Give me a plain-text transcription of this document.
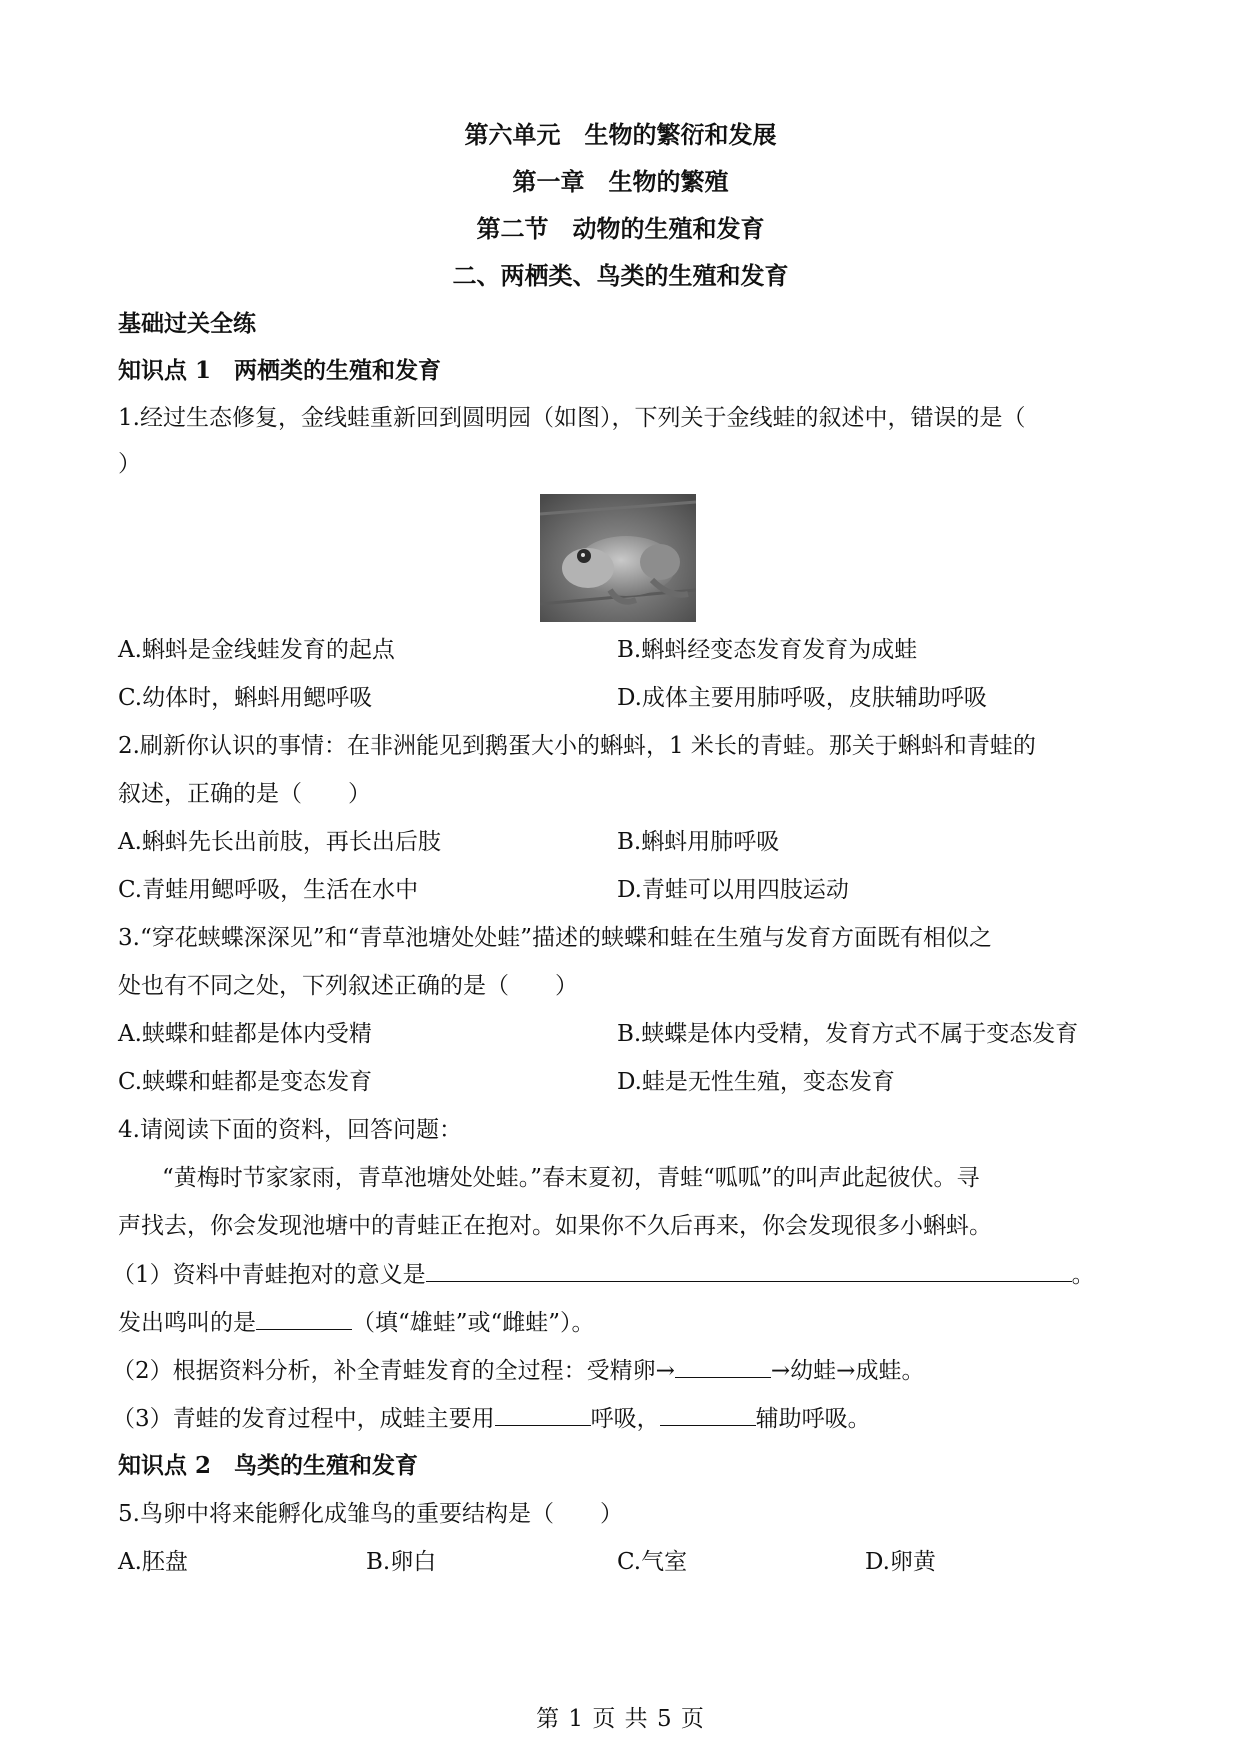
第六单元　生物的繁衍和发展
第一章　生物的繁殖
第二节　动物的生殖和发育
二、两栖类、鸟类的生殖和发育
基础过关全练
知识点 1　两栖类的生殖和发育
1.经过生态修复，金线蛙重新回到圆明园（如图），下列关于金线蛙的叙述中，错误的是（
）
A.蝌蚪是金线蛙发育的起点	B.蝌蚪经变态发育发育为成蛙
C.幼体时，蝌蚪用鳃呼吸	D.成体主要用肺呼吸，皮肤辅助呼吸
2.刷新你认识的事情：在非洲能见到鹅蛋大小的蝌蚪，1 米长的青蛙。那关于蝌蚪和青蛙的
叙述，正确的是（　　）
A.蝌蚪先长出前肢，再长出后肢	B.蝌蚪用肺呼吸
C.青蛙用鳃呼吸，生活在水中	D.青蛙可以用四肢运动
3.“穿花蛱蝶深深见”和“青草池塘处处蛙”描述的蛱蝶和蛙在生殖与发育方面既有相似之
处也有不同之处，下列叙述正确的是（　　）
A.蛱蝶和蛙都是体内受精	B.蛱蝶是体内受精，发育方式不属于变态发育
C.蛱蝶和蛙都是变态发育	D.蛙是无性生殖，变态发育
4.请阅读下面的资料，回答问题：
“黄梅时节家家雨，青草池塘处处蛙。”春末夏初，青蛙“呱呱”的叫声此起彼伏。寻
声找去，你会发现池塘中的青蛙正在抱对。如果你不久后再来，你会发现很多小蝌蚪。
（1）资料中青蛙抱对的意义是	。
发出鸣叫的是	（填“雄蛙”或“雌蛙”）。
（2）根据资料分析，补全青蛙发育的全过程：受精卵→	→幼蛙→成蛙。
（3）青蛙的发育过程中，成蛙主要用	呼吸，	辅助呼吸。
知识点 2　鸟类的生殖和发育
5.鸟卵中将来能孵化成雏鸟的重要结构是（　　）
A.胚盘	B.卵白	C.气室	D.卵黄
第 1 页 共 5 页
